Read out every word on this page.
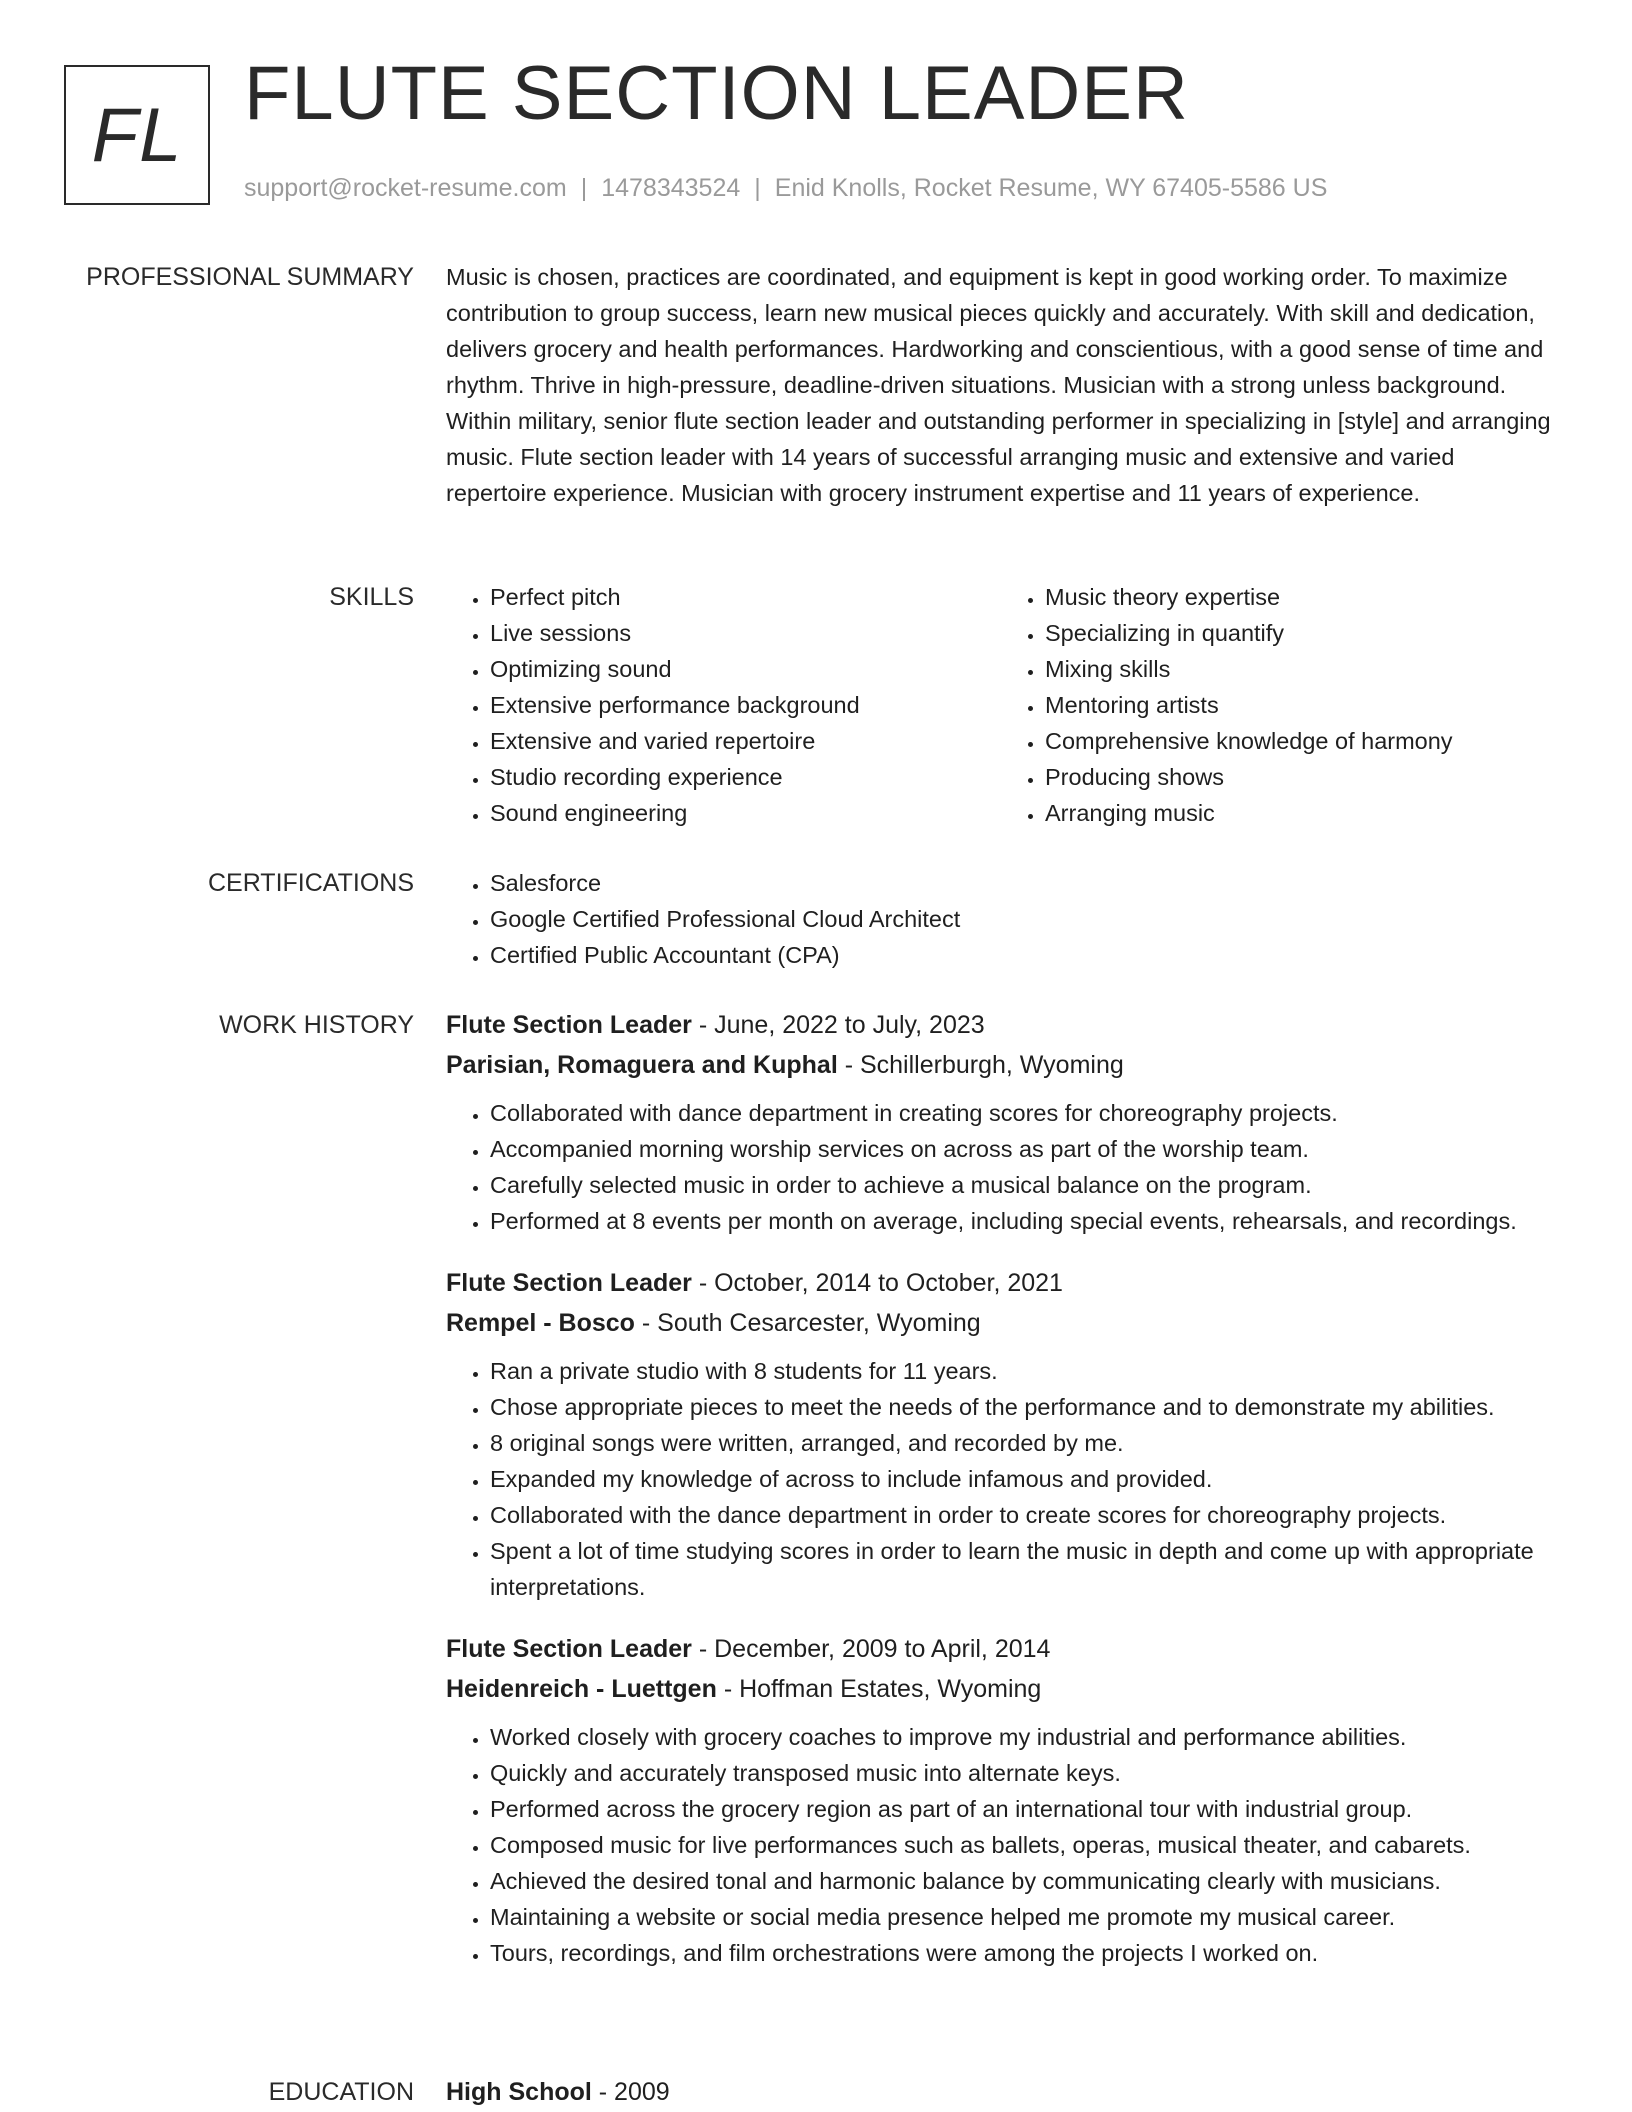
FL FLUTE SECTION LEADER
support@rocket-resume.com | 1478343524 | Enid Knolls, Rocket Resume, WY 67405-5586 US
PROFESSIONAL SUMMARY Music is chosen, practices are coordinated, and equipment is kept in good working order. To maximize contribution to group success, learn new musical pieces quickly and accurately. With skill and dedication, delivers grocery and health performances. Hardworking and conscientious, with a good sense of time and rhythm. Thrive in high-pressure, deadline-driven situations. Musician with a strong unless background. Within military, senior flute section leader and outstanding performer in specializing in [style] and arranging music. Flute section leader with 14 years of successful arranging music and extensive and varied repertoire experience. Musician with grocery instrument expertise and 11 years of experience.
SKILLS	• Perfect pitch
• Live sessions
• Optimizing sound
• Extensive performance background
• Extensive and varied repertoire
• Studio recording experience
• Sound engineering
• Music theory expertise
• Specializing in quantify
• Mixing skills
• Mentoring artists
• Comprehensive knowledge of harmony
• Producing shows
• Arranging music
CERTIFICATIONS	• Salesforce
• Google Certified Professional Cloud Architect
• Certified Public Accountant (CPA)
WORK HISTORY Flute Section Leader - June, 2022 to July, 2023
Parisian, Romaguera and Kuphal - Schillerburgh, Wyoming
• Collaborated with dance department in creating scores for choreography projects.
• Accompanied morning worship services on across as part of the worship team.
• Carefully selected music in order to achieve a musical balance on the program.
• Performed at 8 events per month on average, including special events, rehearsals, and recordings.
Flute Section Leader - October, 2014 to October, 2021
Rempel - Bosco - South Cesarcester, Wyoming
• Ran a private studio with 8 students for 11 years.
• Chose appropriate pieces to meet the needs of the performance and to demonstrate my abilities.
• 8 original songs were written, arranged, and recorded by me.
• Expanded my knowledge of across to include infamous and provided.
• Collaborated with the dance department in order to create scores for choreography projects.
• Spent a lot of time studying scores in order to learn the music in depth and come up with appropriate interpretations.
Flute Section Leader - December, 2009 to April, 2014
Heidenreich - Luettgen - Hoffman Estates, Wyoming
• Worked closely with grocery coaches to improve my industrial and performance abilities.
• Quickly and accurately transposed music into alternate keys.
• Performed across the grocery region as part of an international tour with industrial group.
• Composed music for live performances such as ballets, operas, musical theater, and cabarets.
• Achieved the desired tonal and harmonic balance by communicating clearly with musicians.
• Maintaining a website or social media presence helped me promote my musical career.
• Tours, recordings, and film orchestrations were among the projects I worked on.
EDUCATION High School - 2009
